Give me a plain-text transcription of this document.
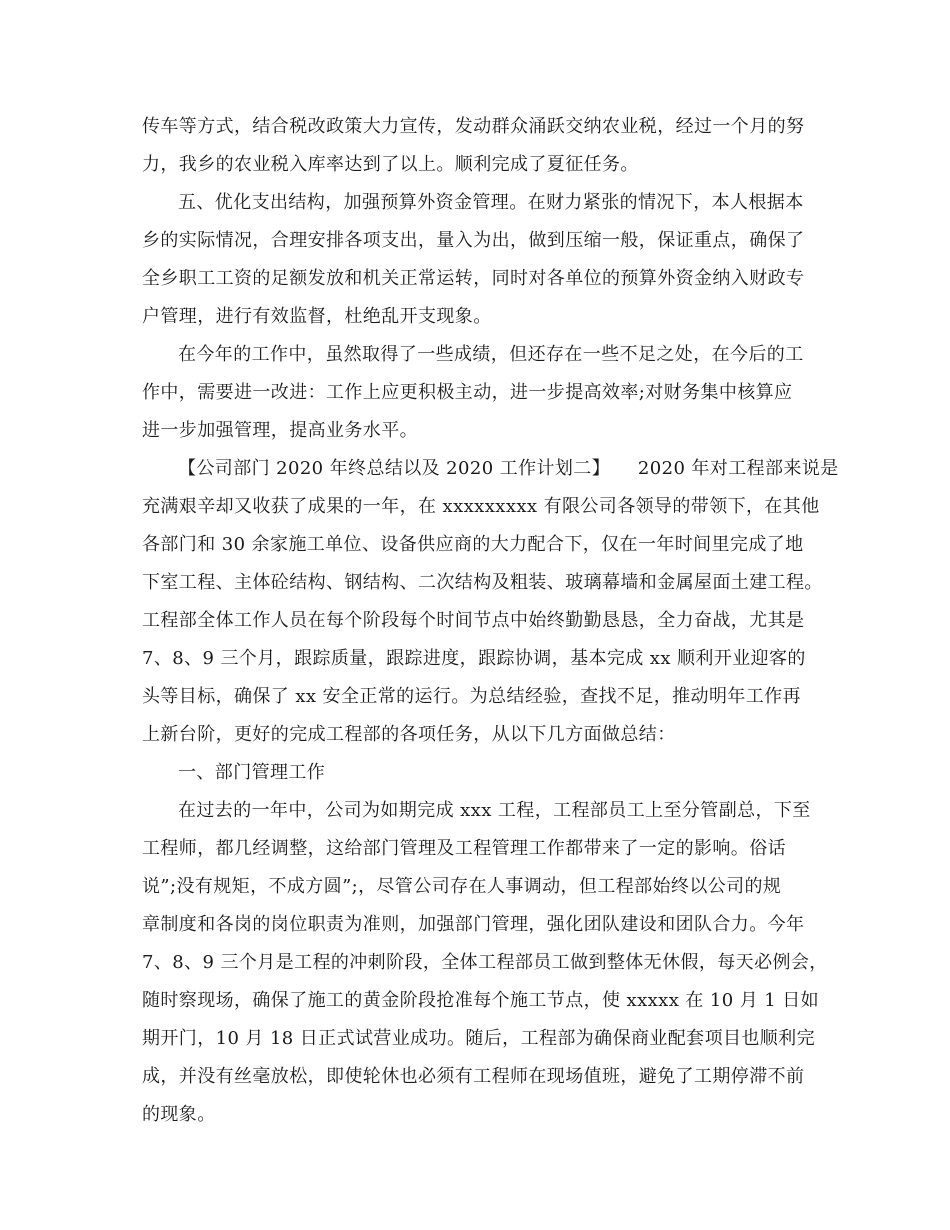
传车等方式，结合税改政策大力宣传，发动群众涌跃交纳农业税，经过一个月的努
力，我乡的农业税入库率达到了以上。顺利完成了夏征任务。
五、优化支出结构，加强预算外资金管理。在财力紧张的情况下，本人根据本
乡的实际情况，合理安排各项支出，量入为出，做到压缩一般，保证重点，确保了
全乡职工工资的足额发放和机关正常运转，同时对各单位的预算外资金纳入财政专
户管理，进行有效监督，杜绝乱开支现象。
在今年的工作中，虽然取得了一些成绩，但还存在一些不足之处，在今后的工
作中，需要进一改进：工作上应更积极主动，进一步提高效率;对财务集中核算应
进一步加强管理，提高业务水平。
【公司部门 2020 年终总结以及 2020 工作计划二】　　2020 年对工程部来说是
充满艰辛却又收获了成果的一年，在 xxxxxxxxx 有限公司各领导的带领下，在其他
各部门和 30 余家施工单位、设备供应商的大力配合下，仅在一年时间里完成了地
下室工程、主体砼结构、钢结构、二次结构及粗装、玻璃幕墙和金属屋面土建工程。
工程部全体工作人员在每个阶段每个时间节点中始终勤勤恳恳，全力奋战，尤其是
7、8、9 三个月，跟踪质量，跟踪进度，跟踪协调，基本完成 xx 顺利开业迎客的
头等目标，确保了 xx 安全正常的运行。为总结经验，查找不足，推动明年工作再
上新台阶，更好的完成工程部的各项任务，从以下几方面做总结：
一、部门管理工作
在过去的一年中，公司为如期完成 xxx 工程，工程部员工上至分管副总，下至
工程师，都几经调整，这给部门管理及工程管理工作都带来了一定的影响。俗话
说”;没有规矩，不成方圆”;，尽管公司存在人事调动，但工程部始终以公司的规
章制度和各岗的岗位职责为准则，加强部门管理，强化团队建设和团队合力。今年
7、8、9 三个月是工程的冲刺阶段，全体工程部员工做到整体无休假，每天必例会，
随时察现场，确保了施工的黄金阶段抢准每个施工节点，使 xxxxx 在 10 月 1 日如
期开门，10 月 18 日正式试营业成功。随后，工程部为确保商业配套项目也顺利完
成，并没有丝毫放松，即使轮休也必须有工程师在现场值班，避免了工期停滞不前
的现象。
